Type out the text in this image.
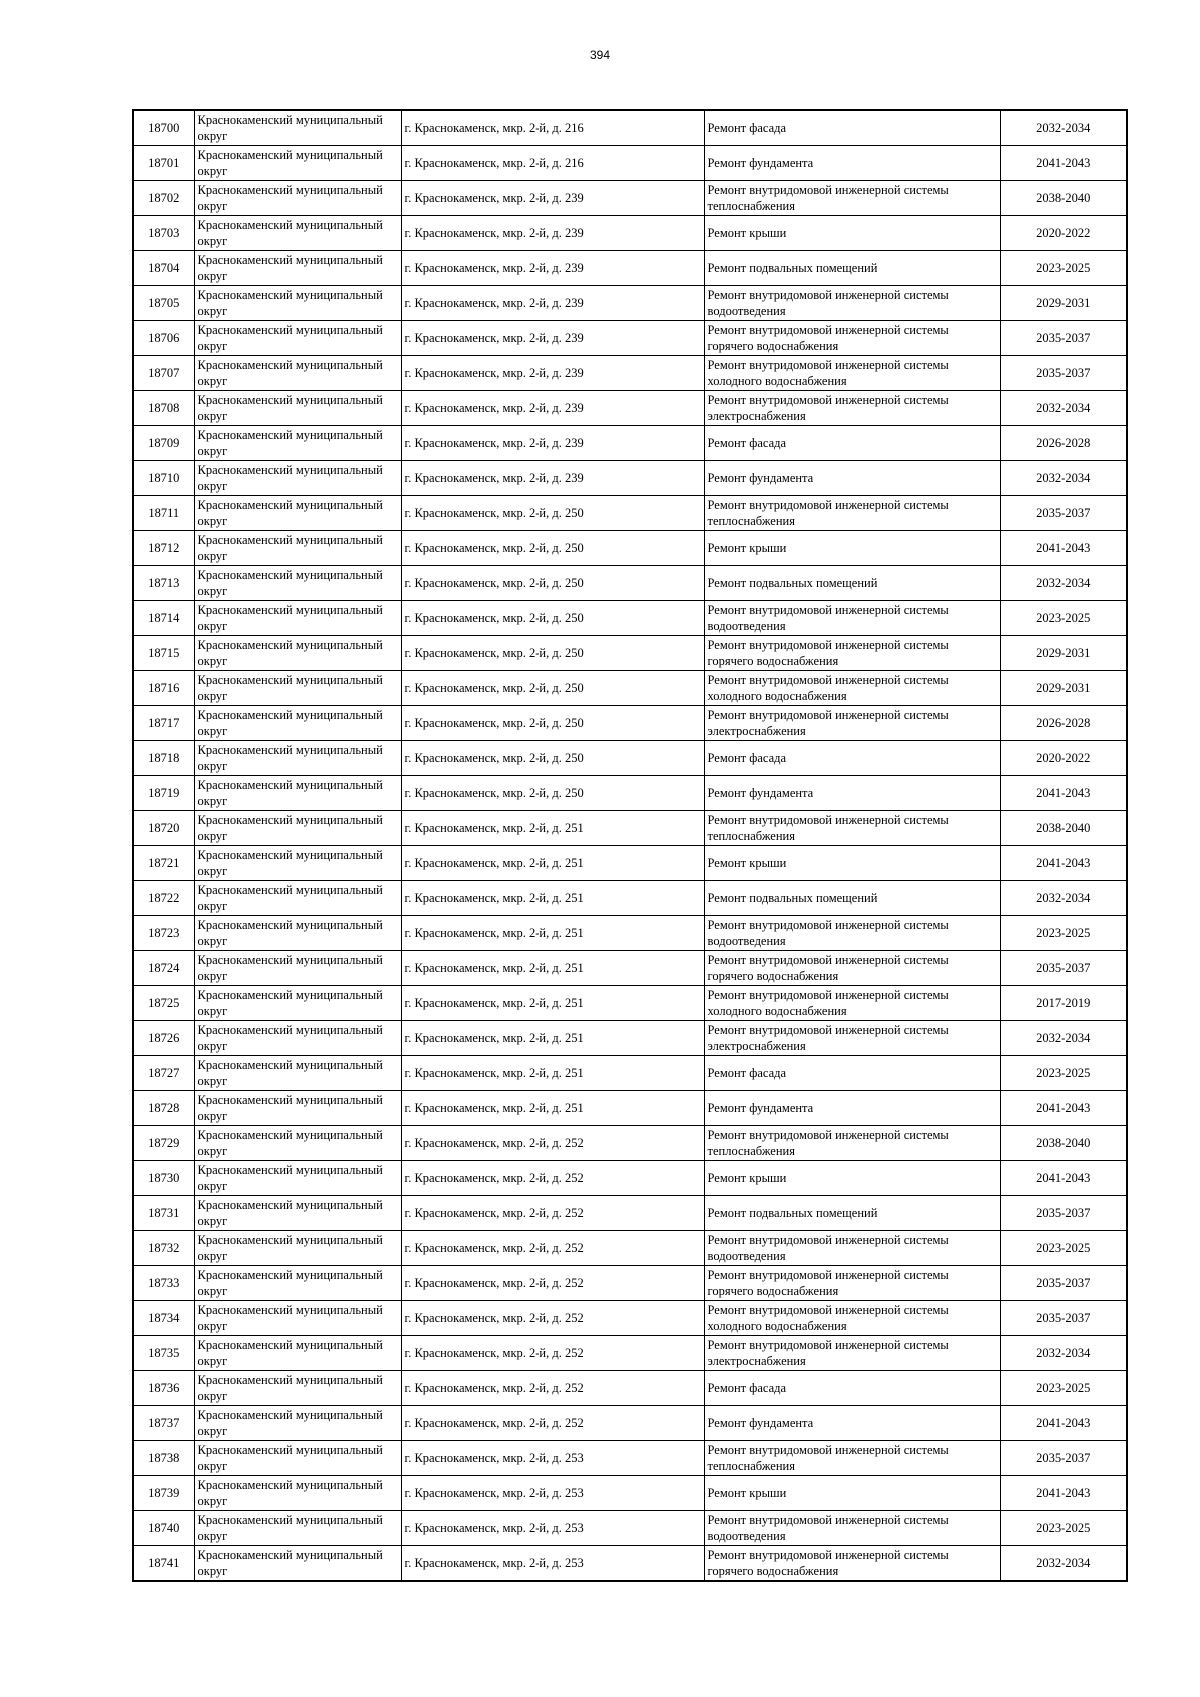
394
18700	Краснокаменский муниципальный округ	г. Краснокаменск, мкр. 2-й, д. 216	Ремонт фасада	2032-2034
18701	Краснокаменский муниципальный округ	г. Краснокаменск, мкр. 2-й, д. 216	Ремонт фундамента	2041-2043
18702	Краснокаменский муниципальный округ	г. Краснокаменск, мкр. 2-й, д. 239	Ремонт внутридомовой инженерной системы теплоснабжения	2038-2040
18703	Краснокаменский муниципальный округ	г. Краснокаменск, мкр. 2-й, д. 239	Ремонт крыши	2020-2022
18704	Краснокаменский муниципальный округ	г. Краснокаменск, мкр. 2-й, д. 239	Ремонт подвальных помещений	2023-2025
18705	Краснокаменский муниципальный округ	г. Краснокаменск, мкр. 2-й, д. 239	Ремонт внутридомовой инженерной системы водоотведения	2029-2031
18706	Краснокаменский муниципальный округ	г. Краснокаменск, мкр. 2-й, д. 239	Ремонт внутридомовой инженерной системы горячего водоснабжения	2035-2037
18707	Краснокаменский муниципальный округ	г. Краснокаменск, мкр. 2-й, д. 239	Ремонт внутридомовой инженерной системы холодного водоснабжения	2035-2037
18708	Краснокаменский муниципальный округ	г. Краснокаменск, мкр. 2-й, д. 239	Ремонт внутридомовой инженерной системы электроснабжения	2032-2034
18709	Краснокаменский муниципальный округ	г. Краснокаменск, мкр. 2-й, д. 239	Ремонт фасада	2026-2028
18710	Краснокаменский муниципальный округ	г. Краснокаменск, мкр. 2-й, д. 239	Ремонт фундамента	2032-2034
18711	Краснокаменский муниципальный округ	г. Краснокаменск, мкр. 2-й, д. 250	Ремонт внутридомовой инженерной системы теплоснабжения	2035-2037
18712	Краснокаменский муниципальный округ	г. Краснокаменск, мкр. 2-й, д. 250	Ремонт крыши	2041-2043
18713	Краснокаменский муниципальный округ	г. Краснокаменск, мкр. 2-й, д. 250	Ремонт подвальных помещений	2032-2034
18714	Краснокаменский муниципальный округ	г. Краснокаменск, мкр. 2-й, д. 250	Ремонт внутридомовой инженерной системы водоотведения	2023-2025
18715	Краснокаменский муниципальный округ	г. Краснокаменск, мкр. 2-й, д. 250	Ремонт внутридомовой инженерной системы горячего водоснабжения	2029-2031
18716	Краснокаменский муниципальный округ	г. Краснокаменск, мкр. 2-й, д. 250	Ремонт внутридомовой инженерной системы холодного водоснабжения	2029-2031
18717	Краснокаменский муниципальный округ	г. Краснокаменск, мкр. 2-й, д. 250	Ремонт внутридомовой инженерной системы электроснабжения	2026-2028
18718	Краснокаменский муниципальный округ	г. Краснокаменск, мкр. 2-й, д. 250	Ремонт фасада	2020-2022
18719	Краснокаменский муниципальный округ	г. Краснокаменск, мкр. 2-й, д. 250	Ремонт фундамента	2041-2043
18720	Краснокаменский муниципальный округ	г. Краснокаменск, мкр. 2-й, д. 251	Ремонт внутридомовой инженерной системы теплоснабжения	2038-2040
18721	Краснокаменский муниципальный округ	г. Краснокаменск, мкр. 2-й, д. 251	Ремонт крыши	2041-2043
18722	Краснокаменский муниципальный округ	г. Краснокаменск, мкр. 2-й, д. 251	Ремонт подвальных помещений	2032-2034
18723	Краснокаменский муниципальный округ	г. Краснокаменск, мкр. 2-й, д. 251	Ремонт внутридомовой инженерной системы водоотведения	2023-2025
18724	Краснокаменский муниципальный округ	г. Краснокаменск, мкр. 2-й, д. 251	Ремонт внутридомовой инженерной системы горячего водоснабжения	2035-2037
18725	Краснокаменский муниципальный округ	г. Краснокаменск, мкр. 2-й, д. 251	Ремонт внутридомовой инженерной системы холодного водоснабжения	2017-2019
18726	Краснокаменский муниципальный округ	г. Краснокаменск, мкр. 2-й, д. 251	Ремонт внутридомовой инженерной системы электроснабжения	2032-2034
18727	Краснокаменский муниципальный округ	г. Краснокаменск, мкр. 2-й, д. 251	Ремонт фасада	2023-2025
18728	Краснокаменский муниципальный округ	г. Краснокаменск, мкр. 2-й, д. 251	Ремонт фундамента	2041-2043
18729	Краснокаменский муниципальный округ	г. Краснокаменск, мкр. 2-й, д. 252	Ремонт внутридомовой инженерной системы теплоснабжения	2038-2040
18730	Краснокаменский муниципальный округ	г. Краснокаменск, мкр. 2-й, д. 252	Ремонт крыши	2041-2043
18731	Краснокаменский муниципальный округ	г. Краснокаменск, мкр. 2-й, д. 252	Ремонт подвальных помещений	2035-2037
18732	Краснокаменский муниципальный округ	г. Краснокаменск, мкр. 2-й, д. 252	Ремонт внутридомовой инженерной системы водоотведения	2023-2025
18733	Краснокаменский муниципальный округ	г. Краснокаменск, мкр. 2-й, д. 252	Ремонт внутридомовой инженерной системы горячего водоснабжения	2035-2037
18734	Краснокаменский муниципальный округ	г. Краснокаменск, мкр. 2-й, д. 252	Ремонт внутридомовой инженерной системы холодного водоснабжения	2035-2037
18735	Краснокаменский муниципальный округ	г. Краснокаменск, мкр. 2-й, д. 252	Ремонт внутридомовой инженерной системы электроснабжения	2032-2034
18736	Краснокаменский муниципальный округ	г. Краснокаменск, мкр. 2-й, д. 252	Ремонт фасада	2023-2025
18737	Краснокаменский муниципальный округ	г. Краснокаменск, мкр. 2-й, д. 252	Ремонт фундамента	2041-2043
18738	Краснокаменский муниципальный округ	г. Краснокаменск, мкр. 2-й, д. 253	Ремонт внутридомовой инженерной системы теплоснабжения	2035-2037
18739	Краснокаменский муниципальный округ	г. Краснокаменск, мкр. 2-й, д. 253	Ремонт крыши	2041-2043
18740	Краснокаменский муниципальный округ	г. Краснокаменск, мкр. 2-й, д. 253	Ремонт внутридомовой инженерной системы водоотведения	2023-2025
18741	Краснокаменский муниципальный округ	г. Краснокаменск, мкр. 2-й, д. 253	Ремонт внутридомовой инженерной системы горячего водоснабжения	2032-2034
